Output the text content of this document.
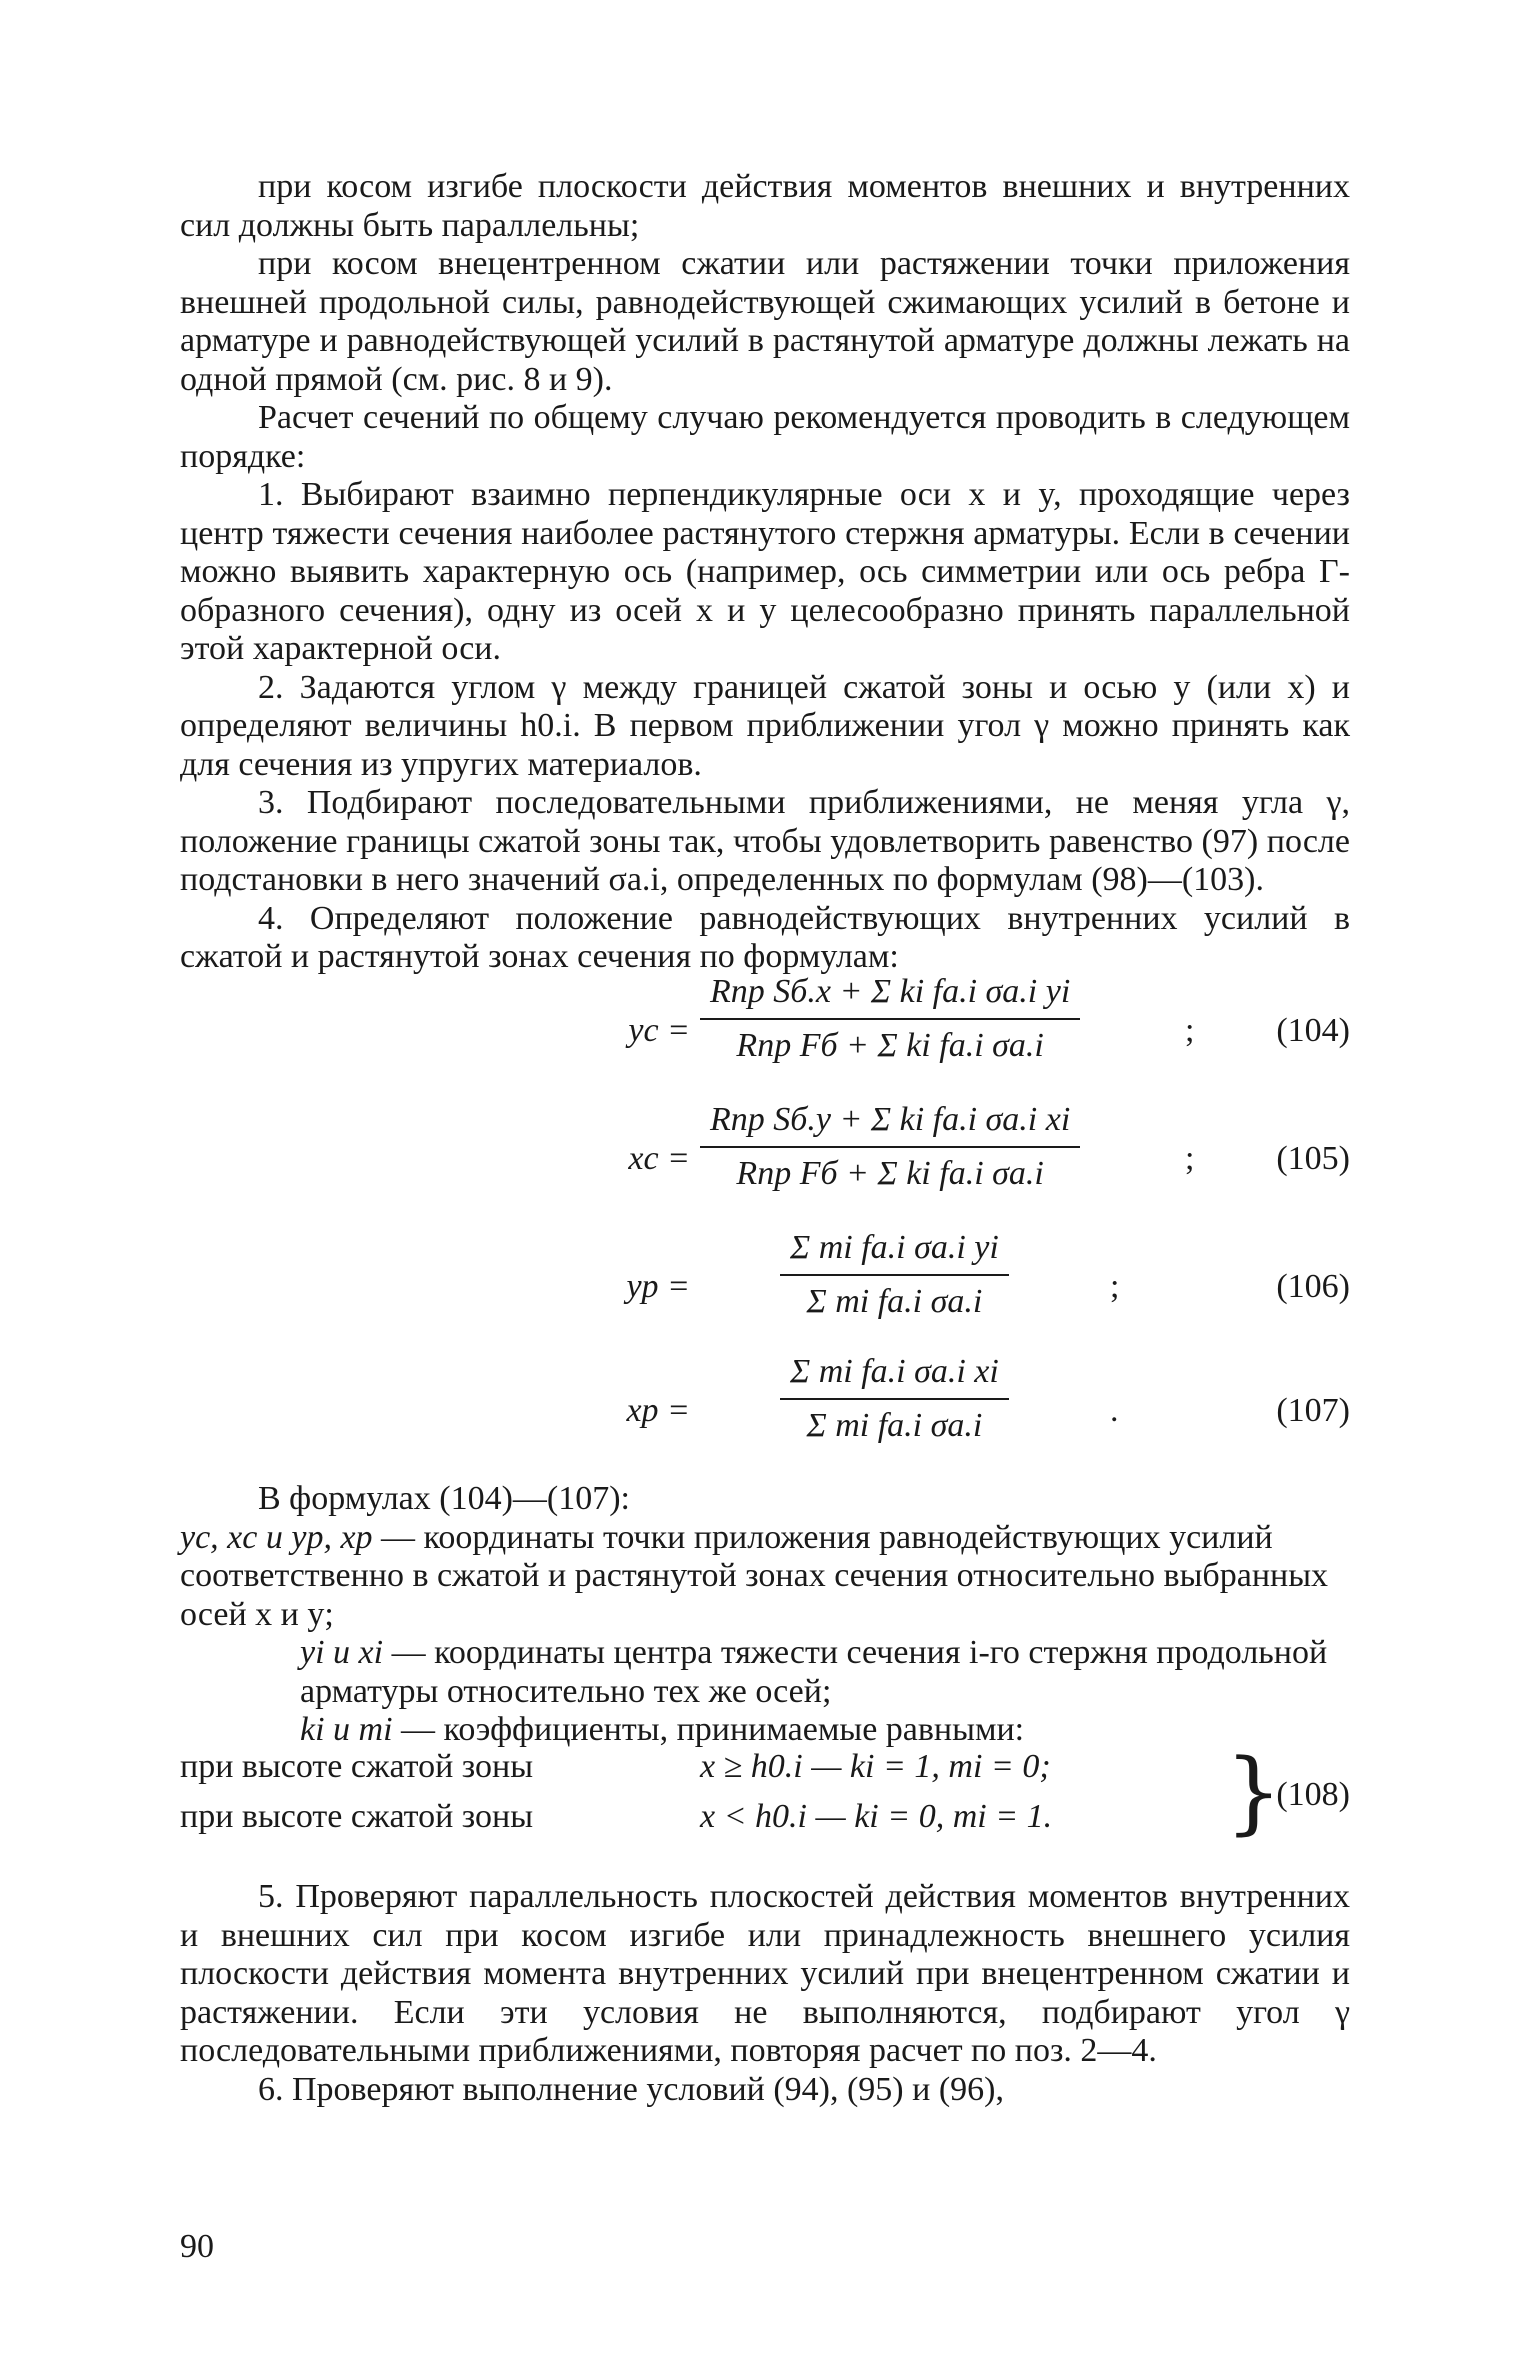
при косом изгибе плоскости действия моментов внешних и внутренних сил должны быть параллельны;

при косом внецентренном сжатии или растяжении точки приложения внешней продольной силы, равнодействующей сжимающих усилий в бетоне и арматуре и равнодействующей усилий в растянутой арматуре должны лежать на одной прямой (см. рис. 8 и 9).

Расчет сечений по общему случаю рекомендуется проводить в следующем порядке:

1. Выбирают взаимно перпендикулярные оси x и y, проходящие через центр тяжести сечения наиболее растянутого стержня арматуры. Если в сечении можно выявить характерную ось (например, ось симметрии или ось ребра Г-образного сечения), одну из осей x и y целесообразно принять параллельной этой характерной оси.

2. Задаются углом γ между границей сжатой зоны и осью y (или x) и определяют величины h0.i. В первом приближении угол γ можно принять как для сечения из упругих материалов.

3. Подбирают последовательными приближениями, не меняя угла γ, положение границы сжатой зоны так, чтобы удовлетворить равенство (97) после подстановки в него значений σa.i, определенных по формулам (98)—(103).

4. Определяют положение равнодействующих внутренних усилий в сжатой и растянутой зонах сечения по формулам:

yc =
Rпр Sб.x + Σ ki fa.i σa.i yi
Rпр Fб + Σ ki fa.i σa.i	; (104)
xc =
Rпр Sб.y + Σ ki fa.i σa.i xi
Rпр Fб + Σ ki fa.i σa.i	; (105)
yp =
Σ mi fa.i σa.i yi
Σ mi fa.i σa.i	;	(106)
xp =
Σ mi fa.i σa.i xi
Σ mi fa.i σa.i	.	(107)

В формулах (104)—(107):

yc, xc и yp, xp — координаты точки приложения равнодействующих усилий соответственно в сжатой и растянутой зонах сечения относительно выбранных осей x и y;

yi и xi — координаты центра тяжести сечения i-го стержня продольной арматуры относительно тех же осей;

ki и mi — коэффициенты, принимаемые равными:

при высоте сжатой зоны	x ≥ h0.i — ki = 1, mi = 0;
при высоте сжатой зоны	x < h0.i — ki = 0, mi = 1. }
(108)

5. Проверяют параллельность плоскостей действия моментов внутренних и внешних сил при косом изгибе или принадлежность внешнего усилия плоскости действия момента внутренних усилий при внецентренном сжатии и растяжении. Если эти условия не выполняются, подбирают угол γ последовательными приближениями, повторяя расчет по поз. 2—4.

6. Проверяют выполнение условий (94), (95) и (96),

90
